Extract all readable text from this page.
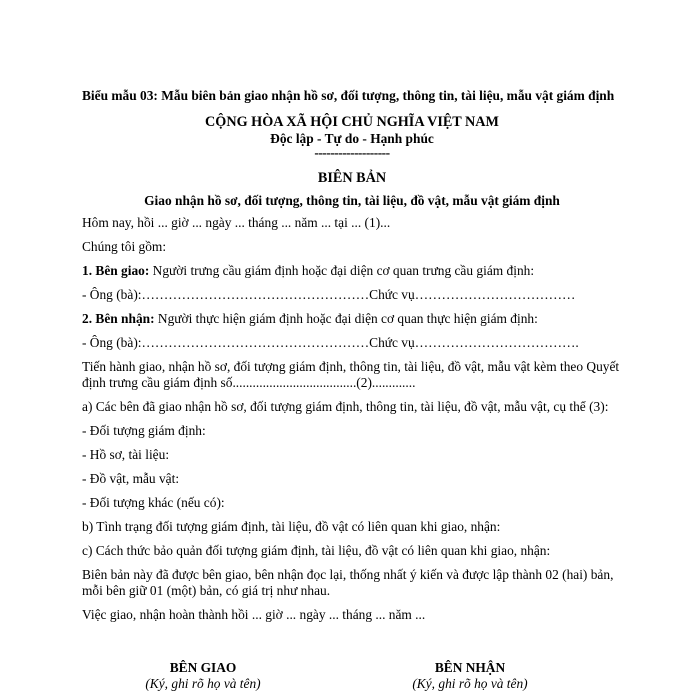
Biểu mẫu 03: Mẫu biên bản giao nhận hồ sơ, đối tượng, thông tin, tài liệu, mẫu vật giám định

CỘNG HÒA XÃ HỘI CHỦ NGHĨA VIỆT NAM
Độc lập - Tự do - Hạnh phúc
-------------------
BIÊN BẢN
Giao nhận hồ sơ, đối tượng, thông tin, tài liệu, đồ vật, mẫu vật giám định

Hôm nay, hồi ... giờ ... ngày ... tháng ... năm ... tại ... (1)...

Chúng tôi gồm:

1. Bên giao: Người trưng cầu giám định hoặc đại diện cơ quan trưng cầu giám định:

- Ông (bà):……………………………………………Chức vụ………………………………

2. Bên nhận: Người thực hiện giám định hoặc đại diện cơ quan thực hiện giám định:

- Ông (bà):……………………………………………Chức vụ……………………………….

Tiến hành giao, nhận hồ sơ, đối tượng giám định, thông tin, tài liệu, đồ vật, mẫu vật kèm theo Quyết định trưng cầu giám định số.....................................(2).............

a) Các bên đã giao nhận hồ sơ, đối tượng giám định, thông tin, tài liệu, đồ vật, mẫu vật, cụ thể (3):

- Đối tượng giám định:

- Hồ sơ, tài liệu:

- Đồ vật, mẫu vật:

- Đối tượng khác (nếu có):

b) Tình trạng đối tượng giám định, tài liệu, đồ vật có liên quan khi giao, nhận:

c) Cách thức bảo quản đối tượng giám định, tài liệu, đồ vật có liên quan khi giao, nhận:

Biên bản này đã được bên giao, bên nhận đọc lại, thống nhất ý kiến và được lập thành 02 (hai) bản, mỗi bên giữ 01 (một) bản, có giá trị như nhau.

Việc giao, nhận hoàn thành hồi ... giờ ... ngày ... tháng ... năm ...

BÊN GIAO
(Ký, ghi rõ họ và tên)
BÊN NHẬN
(Ký, ghi rõ họ và tên)
